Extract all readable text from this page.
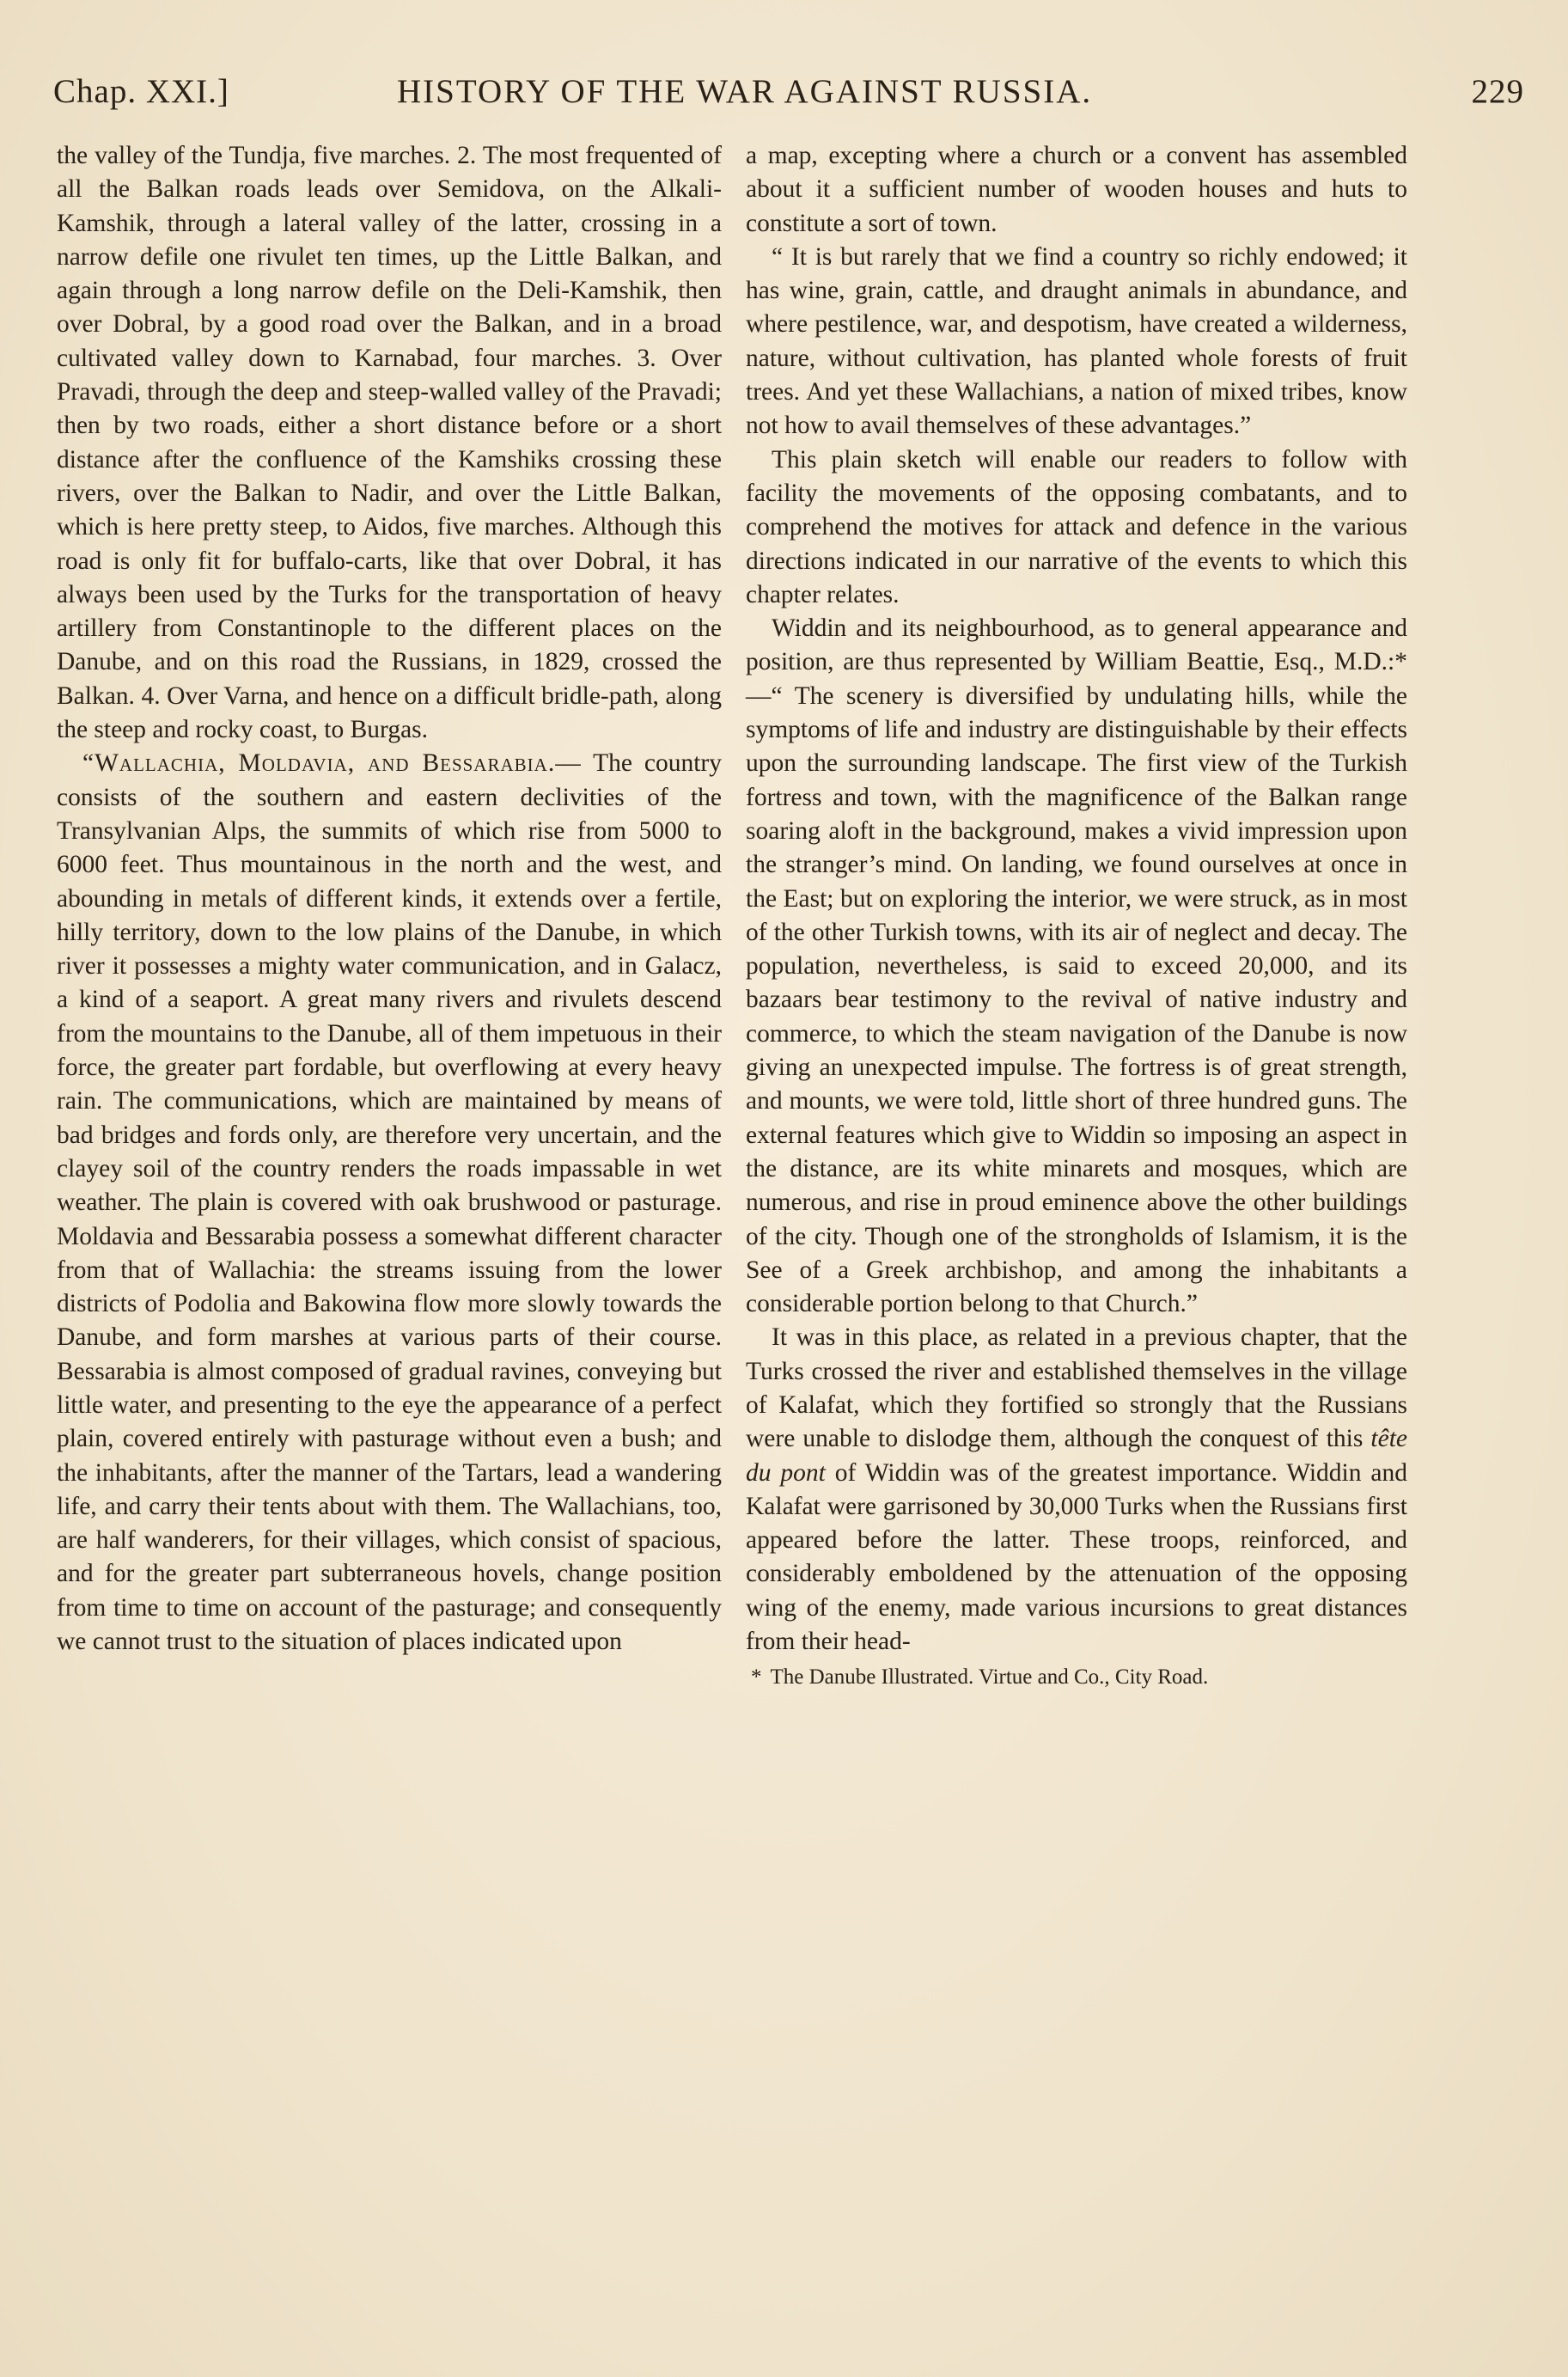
Chap. XXI.]	HISTORY OF THE WAR AGAINST RUSSIA.	229

the valley of the Tundja, five marches. 2. The most frequented of all the Balkan roads leads over Semidova, on the Alkali-Kamshik, through a lateral valley of the latter, crossing in a narrow defile one rivulet ten times, up the Little Balkan, and again through a long narrow defile on the Deli-Kamshik, then over Dobral, by a good road over the Balkan, and in a broad cultivated valley down to Karnabad, four marches. 3. Over Pravadi, through the deep and steep-walled valley of the Pravadi; then by two roads, either a short distance before or a short distance after the confluence of the Kamshiks crossing these rivers, over the Balkan to Nadir, and over the Little Balkan, which is here pretty steep, to Aidos, five marches. Although this road is only fit for buffalo-carts, like that over Dobral, it has always been used by the Turks for the transportation of heavy artillery from Constantinople to the different places on the Danube, and on this road the Russians, in 1829, crossed the Balkan. 4. Over Varna, and hence on a difficult bridle-path, along the steep and rocky coast, to Burgas.

“Wallachia, Moldavia, and Bessarabia.— The country consists of the southern and eastern declivities of the Transylvanian Alps, the summits of which rise from 5000 to 6000 feet. Thus mountainous in the north and the west, and abounding in metals of different kinds, it extends over a fertile, hilly territory, down to the low plains of the Danube, in which river it possesses a mighty water communication, and in Galacz, a kind of a seaport. A great many rivers and rivulets descend from the mountains to the Danube, all of them impetuous in their force, the greater part fordable, but overflowing at every heavy rain. The communications, which are maintained by means of bad bridges and fords only, are therefore very uncertain, and the clayey soil of the country renders the roads impassable in wet weather. The plain is covered with oak brushwood or pasturage. Moldavia and Bessarabia possess a somewhat different character from that of Wallachia: the streams issuing from the lower districts of Podolia and Bakowina flow more slowly towards the Danube, and form marshes at various parts of their course. Bessarabia is almost composed of gradual ravines, conveying but little water, and presenting to the eye the appearance of a perfect plain, covered entirely with pasturage without even a bush; and the inhabitants, after the manner of the Tartars, lead a wandering life, and carry their tents about with them. The Wallachians, too, are half wanderers, for their villages, which consist of spacious, and for the greater part subterraneous hovels, change position from time to time on account of the pasturage; and consequently we cannot trust to the situation of places indicated upon

a map, excepting where a church or a convent has assembled about it a sufficient number of wooden houses and huts to constitute a sort of town.

“ It is but rarely that we find a country so richly endowed; it has wine, grain, cattle, and draught animals in abundance, and where pestilence, war, and despotism, have created a wilderness, nature, without cultivation, has planted whole forests of fruit trees. And yet these Wallachians, a nation of mixed tribes, know not how to avail themselves of these advantages.”

This plain sketch will enable our readers to follow with facility the movements of the opposing combatants, and to comprehend the motives for attack and defence in the various directions indicated in our narrative of the events to which this chapter relates.

Widdin and its neighbourhood, as to general appearance and position, are thus represented by William Beattie, Esq., M.D.:*—“ The scenery is diversified by undulating hills, while the symptoms of life and industry are distinguishable by their effects upon the surrounding landscape. The first view of the Turkish fortress and town, with the magnificence of the Balkan range soaring aloft in the background, makes a vivid impression upon the stranger’s mind. On landing, we found ourselves at once in the East; but on exploring the interior, we were struck, as in most of the other Turkish towns, with its air of neglect and decay. The population, nevertheless, is said to exceed 20,000, and its bazaars bear testimony to the revival of native industry and commerce, to which the steam navigation of the Danube is now giving an unexpected impulse. The fortress is of great strength, and mounts, we were told, little short of three hundred guns. The external features which give to Widdin so imposing an aspect in the distance, are its white minarets and mosques, which are numerous, and rise in proud eminence above the other buildings of the city. Though one of the strongholds of Islamism, it is the See of a Greek archbishop, and among the inhabitants a considerable portion belong to that Church.”

It was in this place, as related in a previous chapter, that the Turks crossed the river and established themselves in the village of Kalafat, which they fortified so strongly that the Russians were unable to dislodge them, although the conquest of this tête du pont of Widdin was of the greatest importance. Widdin and Kalafat were garrisoned by 30,000 Turks when the Russians first appeared before the latter. These troops, reinforced, and considerably emboldened by the attenuation of the opposing wing of the enemy, made various incursions to great distances from their head-

* The Danube Illustrated. Virtue and Co., City Road.
